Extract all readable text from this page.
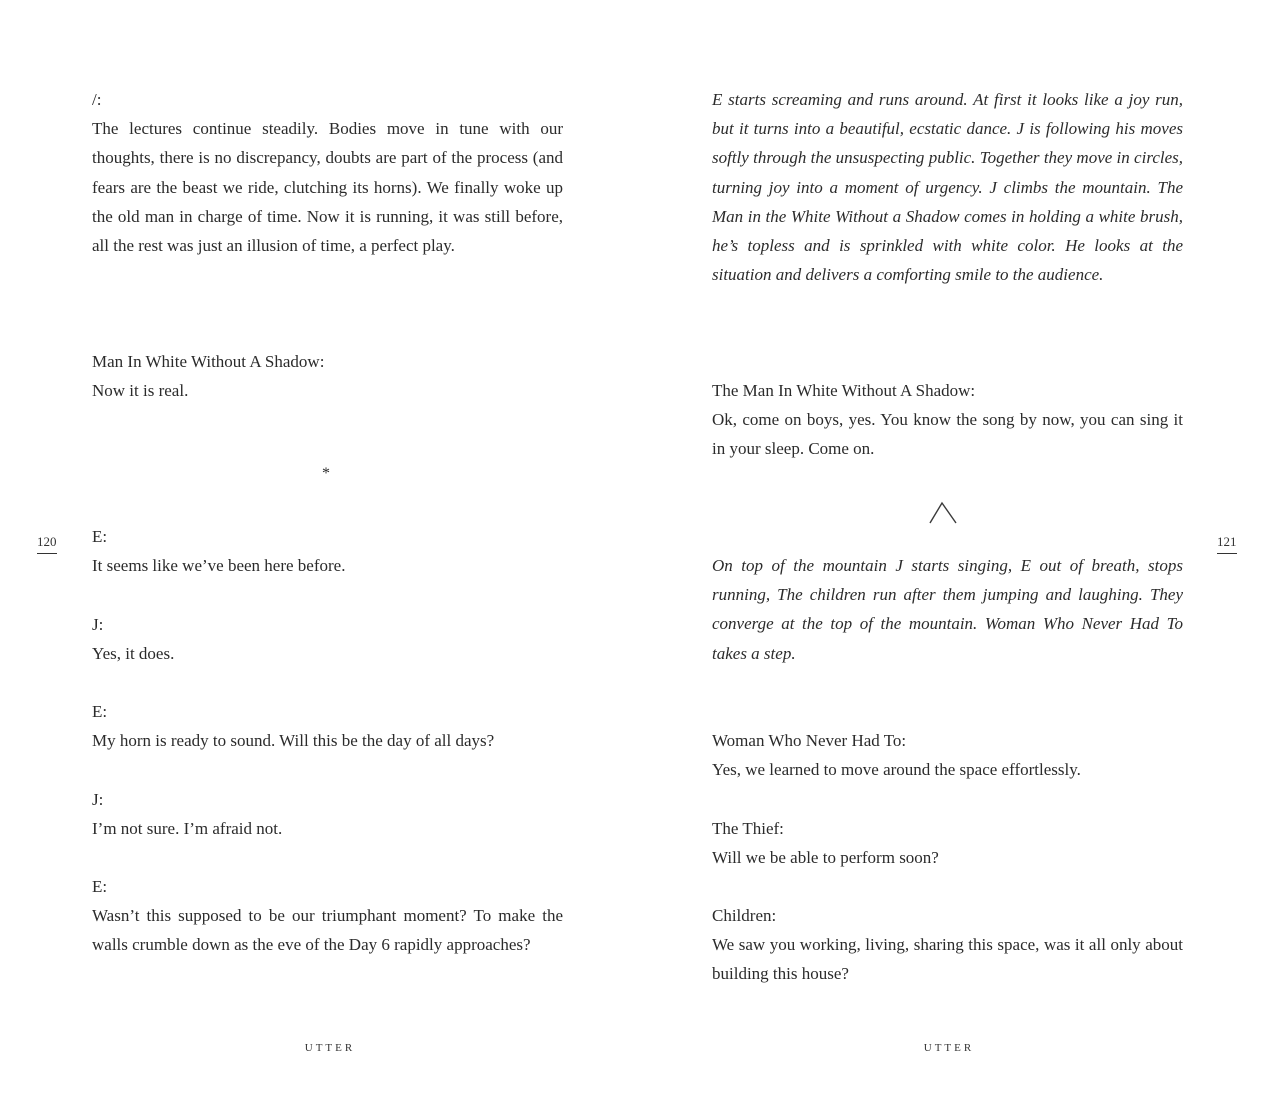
/:
The lectures continue steadily. Bodies move in tune with our thoughts, there is no discrepancy, doubts are part of the process (and fears are the beast we ride, clutching its horns). We finally woke up the old man in charge of time. Now it is running, it was still before, all the rest was just an illusion of time, a perfect play.
Man In White Without A Shadow:
Now it is real.
*
120 E:
It seems like we’ve been here before.
J:
Yes, it does.
E:
My horn is ready to sound. Will this be the day of all days?
J:
I’m not sure. I’m afraid not.
E:
Wasn’t this supposed to be our triumphant moment? To make the walls crumble down as the eve of the Day 6 rapidly approaches?
UTTER
E starts screaming and runs around. At first it looks like a joy run, but it turns into a beautiful, ecstatic dance. J is following his moves softly through the unsuspecting public. Together they move in circles, turning joy into a moment of urgency. J climbs the mountain. The Man in the White Without a Shadow comes in holding a white brush, he’s topless and is sprinkled with white color. He looks at the situation and delivers a comforting smile to the audience.
The Man In White Without A Shadow:
Ok, come on boys, yes. You know the song by now, you can sing it in your sleep. Come on.
121
On top of the mountain J starts singing, E out of breath, stops running, The children run after them jumping and laughing. They converge at the top of the mountain. Woman Who Never Had To takes a step.
Woman Who Never Had To:
Yes, we learned to move around the space effortlessly.
The Thief:
Will we be able to perform soon?
Children:
We saw you working, living, sharing this space, was it all only about building this house?
UTTER
